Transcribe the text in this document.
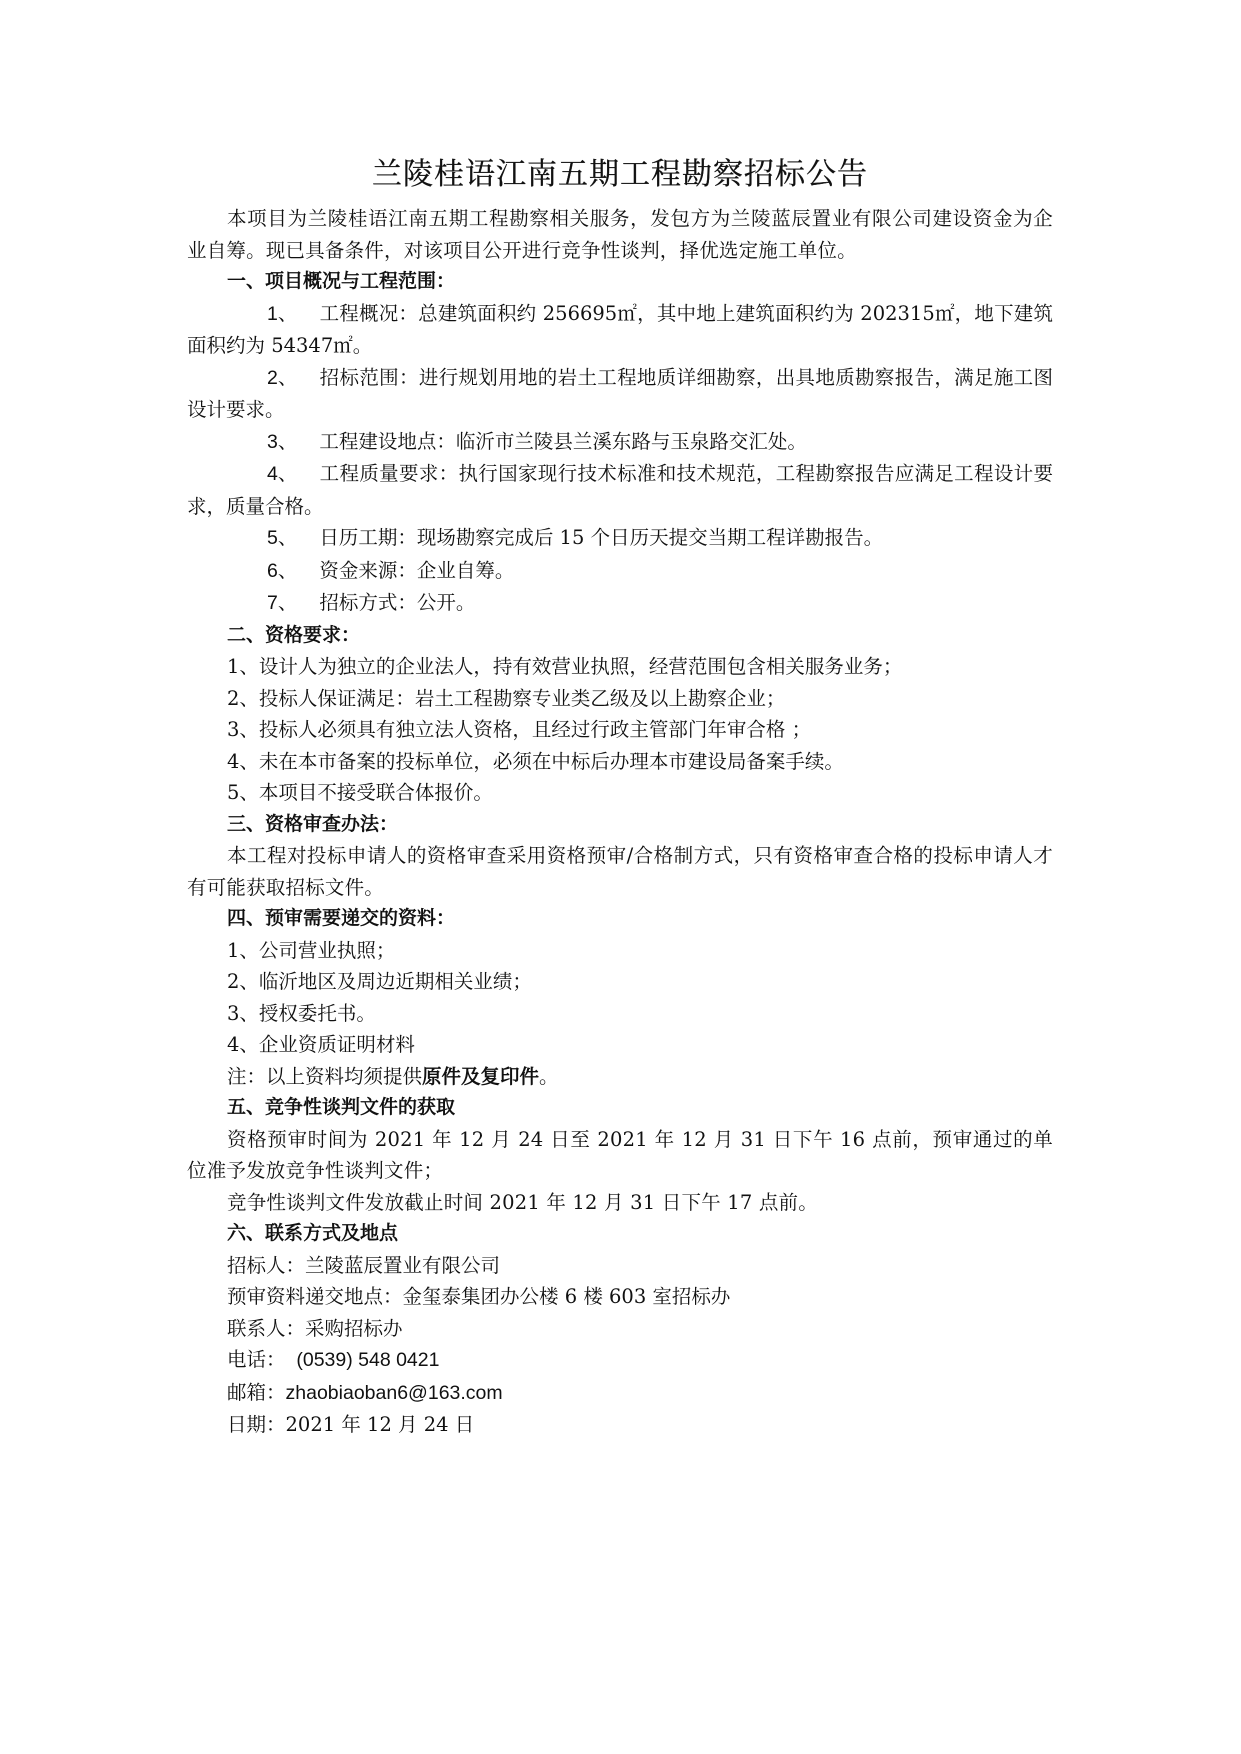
兰陵桂语江南五期工程勘察招标公告

本项目为兰陵桂语江南五期工程勘察相关服务，发包方为兰陵蓝辰置业有限公司建设资金为企业自筹。现已具备条件，对该项目公开进行竞争性谈判，择优选定施工单位。

一、项目概况与工程范围：

1、 工程概况：总建筑面积约 256695㎡，其中地上建筑面积约为 202315㎡，地下建筑面积约为 54347㎡。

2、 招标范围：进行规划用地的岩土工程地质详细勘察，出具地质勘察报告，满足施工图设计要求。

3、 工程建设地点：临沂市兰陵县兰溪东路与玉泉路交汇处。

4、 工程质量要求：执行国家现行技术标准和技术规范，工程勘察报告应满足工程设计要求，质量合格。

5、 日历工期：现场勘察完成后 15 个日历天提交当期工程详勘报告。

6、 资金来源：企业自筹。

7、 招标方式：公开。

二、资格要求：

1、设计人为独立的企业法人，持有效营业执照，经营范围包含相关服务业务；

2、投标人保证满足：岩土工程勘察专业类乙级及以上勘察企业；

3、投标人必须具有独立法人资格，且经过行政主管部门年审合格 ；

4、未在本市备案的投标单位，必须在中标后办理本市建设局备案手续。

5、本项目不接受联合体报价。

三、资格审查办法：

本工程对投标申请人的资格审查采用资格预审/合格制方式，只有资格审查合格的投标申请人才有可能获取招标文件。

四、预审需要递交的资料：

1、公司营业执照；

2、临沂地区及周边近期相关业绩；

3、授权委托书。

4、企业资质证明材料

注：以上资料均须提供原件及复印件。

五、竞争性谈判文件的获取

资格预审时间为 2021 年 12 月 24 日至 2021 年 12 月 31 日下午 16 点前，预审通过的单位准予发放竞争性谈判文件；

竞争性谈判文件发放截止时间 2021 年 12 月 31 日下午 17 点前。

六、联系方式及地点

招标人：兰陵蓝辰置业有限公司

预审资料递交地点：金玺泰集团办公楼 6 楼 603 室招标办

联系人：采购招标办

电话：  (0539) 548 0421

邮箱：zhaobiaoban6@163.com

日期：2021 年 12 月 24 日
